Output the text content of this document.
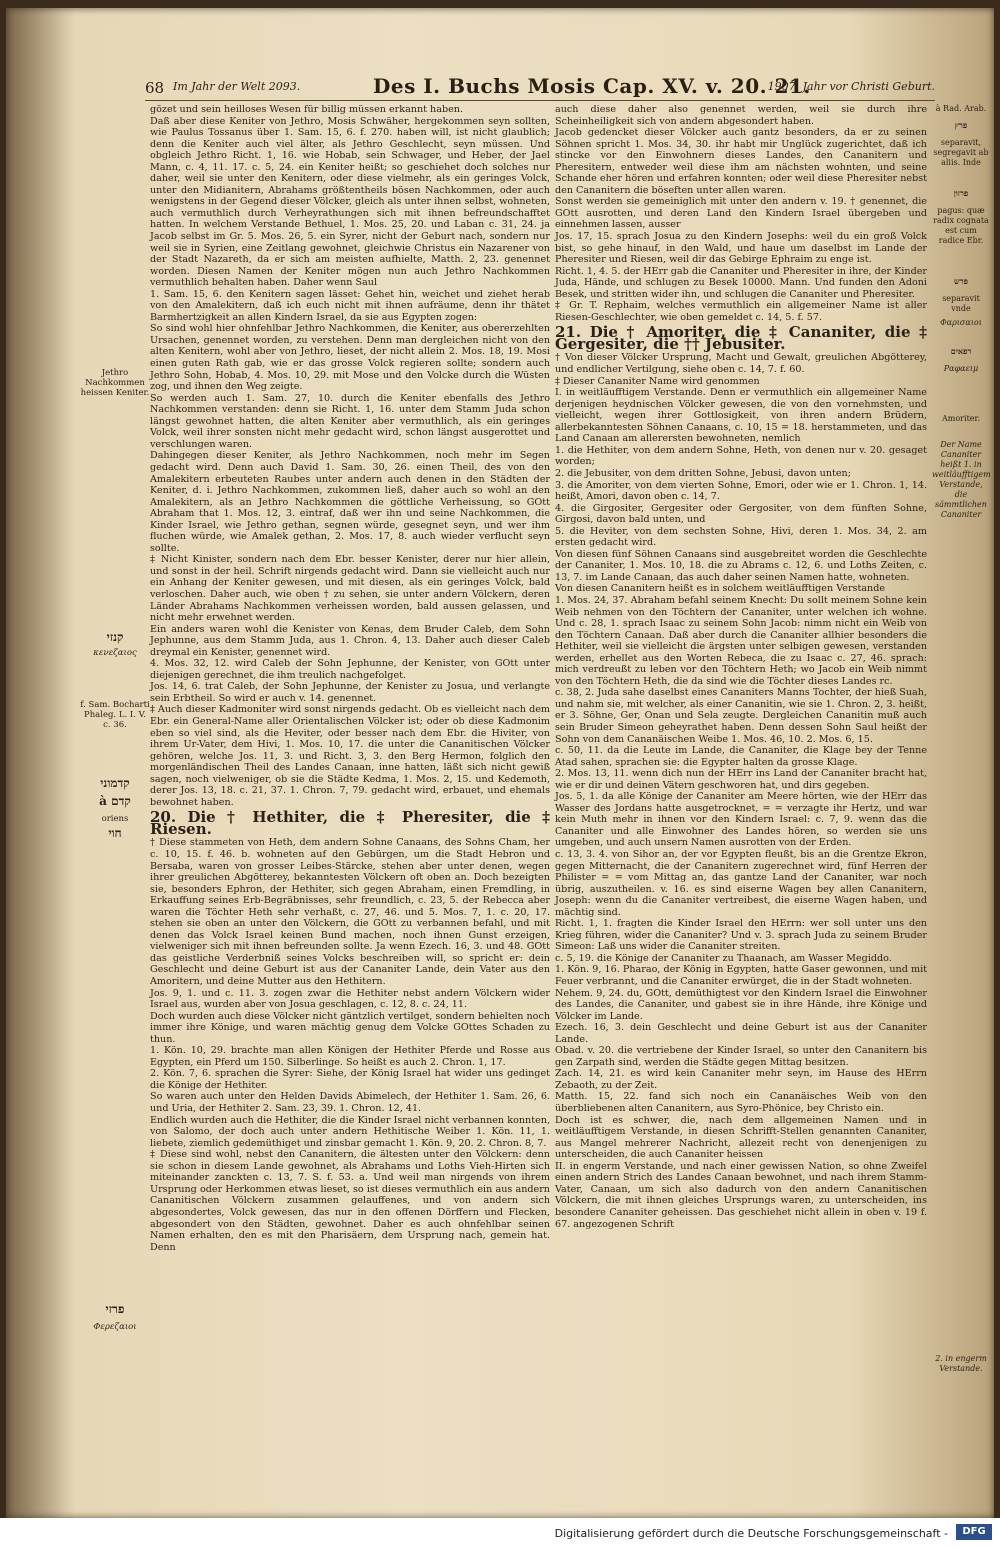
68 Im Jahr der Welt 2093.	Des I. Buchs Mosis Cap. XV. v. 20. 21.
1907. Jahr vor Christi Geburt.
Jethro Nachkommen heissen Keniter.
קנזי
κενεζαιος
f. Sam. Bocharti Phaleg. L. I. V. c. 36.
קדמוני
à קדם
oriens
חוי
פרזי
Φερεζαιοι
à Rad. Arab.
פרץ
separavit, segregavit ab aliis. Inde
פרזון
pagus: quæ radix cognata est cum radice Ebr.
פרש
separavit vnde
Φαρισαιοι
רפאים
Ραφαειμ
Amoriter.
Der Name Cananiter heißt 1. in weitläufftigem Verstande, die sämmtlichen Cananiter
2. in engerm Verstande.

gözet und sein heilloses Wesen für billig müssen erkannt haben.

Daß aber diese Keniter von Jethro, Mosis Schwäher, hergekommen seyn sollten, wie Paulus Tossanus über 1. Sam. 15, 6. f. 270. haben will, ist nicht glaublich; denn die Keniter auch viel älter, als Jethro Geschlecht, seyn müssen. Und obgleich Jethro Richt. 1, 16. wie Hobab, sein Schwager, und Heber, der Jael Mann, c. 4, 11. 17. c. 5, 24. ein Keniter heißt; so geschiehet doch solches nur daher, weil sie unter den Kenitern, oder diese vielmehr, als ein geringes Volck, unter den Midianitern, Abrahams größtentheils bösen Nachkommen, oder auch wenigstens in der Gegend dieser Völcker, gleich als unter ihnen selbst, wohneten, auch vermuthlich durch Verheyrathungen sich mit ihnen befreundschafftet hatten. In welchem Verstande Bethuel, 1. Mos. 25, 20. und Laban c. 31, 24. ja Jacob selbst im Gr. 5. Mos. 26, 5. ein Syrer, nicht der Geburt nach, sondern nur weil sie in Syrien, eine Zeitlang gewohnet, gleichwie Christus ein Nazarener von der Stadt Nazareth, da er sich am meisten aufhielte, Matth. 2, 23. genennet worden. Diesen Namen der Keniter mögen nun auch Jethro Nachkommen vermuthlich behalten haben. Daher wenn Saul

1. Sam. 15, 6. den Kenitern sagen lässet: Gehet hin, weichet und ziehet herab von den Amalekitern, daß ich euch nicht mit ihnen aufräume, denn ihr thätet Barmhertzigkeit an allen Kindern Israel, da sie aus Egypten zogen:

So sind wohl hier ohnfehlbar Jethro Nachkommen, die Keniter, aus obererzehlten Ursachen, genennet worden, zu verstehen. Denn man dergleichen nicht von den alten Kenitern, wohl aber von Jethro, lieset, der nicht allein 2. Mos. 18, 19. Mosi einen guten Rath gab, wie er das grosse Volck regieren sollte; sondern auch Jethro Sohn, Hobab, 4. Mos. 10, 29. mit Mose und den Volcke durch die Wüsten zog, und ihnen den Weg zeigte.

So werden auch 1. Sam. 27, 10. durch die Keniter ebenfalls des Jethro Nachkommen verstanden: denn sie Richt. 1, 16. unter dem Stamm Juda schon längst gewohnet hatten, die alten Keniter aber vermuthlich, als ein geringes Volck, weil ihrer sonsten nicht mehr gedacht wird, schon längst ausgerottet und verschlungen waren.

Dahingegen dieser Keniter, als Jethro Nachkommen, noch mehr im Segen gedacht wird. Denn auch David 1. Sam. 30, 26. einen Theil, des von den Amalekitern erbeuteten Raubes unter andern auch denen in den Städten der Keniter, d. i. Jethro Nachkommen, zukommen ließ, daher auch so wohl an den Amalekitern, als an Jethro Nachkommen die göttliche Verheissung, so GOtt Abraham that 1. Mos. 12, 3. eintraf, daß wer ihn und seine Nachkommen, die Kinder Israel, wie Jethro gethan, segnen würde, gesegnet seyn, und wer ihm fluchen würde, wie Amalek gethan, 2. Mos. 17, 8. auch wieder verflucht seyn sollte.

‡ Nicht Kinister, sondern nach dem Ebr. besser Kenister, derer nur hier allein, und sonst in der heil. Schrift nirgends gedacht wird. Dann sie vielleicht auch nur ein Anhang der Keniter gewesen, und mit diesen, als ein geringes Volck, bald verloschen. Daher auch, wie oben † zu sehen, sie unter andern Völckern, deren Länder Abrahams Nachkommen verheissen worden, bald aussen gelassen, und nicht mehr erwehnet werden.

Ein anders waren wohl die Kenister von Kenas, dem Bruder Caleb, dem Sohn Jephunne, aus dem Stamm Juda, aus 1. Chron. 4, 13. Daher auch dieser Caleb dreymal ein Kenister, genennet wird.

4. Mos. 32, 12. wird Caleb der Sohn Jephunne, der Kenister, von GOtt unter diejenigen gerechnet, die ihm treulich nachgefolget.

Jos. 14, 6. trat Caleb, der Sohn Jephunne, der Kenister zu Josua, und verlangte sein Erbtheil. So wird er auch v. 14. genennet.

‡ Auch dieser Kadmoniter wird sonst nirgends gedacht. Ob es vielleicht nach dem Ebr. ein General-Name aller Orientalischen Völcker ist; oder ob diese Kadmonim eben so viel sind, als die Heviter, oder besser nach dem Ebr. die Hiviter, von ihrem Ur-Vater, dem Hivi, 1. Mos. 10, 17. die unter die Cananitischen Völcker gehören, welche Jos. 11, 3. und Richt. 3, 3. den Berg Hermon, folglich den morgenländischen Theil des Landes Canaan, inne hatten, läßt sich nicht gewiß sagen, noch vielweniger, ob sie die Städte Kedma, 1. Mos. 2, 15. und Kedemoth, derer Jos. 13, 18. c. 21, 37. 1. Chron. 7, 79. gedacht wird, erbauet, und ehemals bewohnet haben.

20. Die † Hethiter, die ‡ Pheresiter, die ‡ Riesen.

† Diese stammeten von Heth, dem andern Sohne Canaans, des Sohns Cham, her c. 10, 15. f. 46. b. wohneten auf den Gebürgen, um die Stadt Hebron und Bersaba, waren von grosser Leibes-Stärcke, stehen aber unter denen, wegen ihrer greulichen Abgötterey, bekanntesten Völckern oft oben an. Doch bezeigten sie, besonders Ephron, der Hethiter, sich gegen Abraham, einen Fremdling, in Erkauffung seines Erb-Begräbnisses, sehr freundlich, c. 23, 5. der Rebecca aber waren die Töchter Heth sehr verhaßt, c. 27, 46. und 5. Mos. 7, 1. c. 20, 17. stehen sie oben an unter den Völckern, die GOtt zu verbannen befahl, und mit denen das Volck Israel keinen Bund machen, noch ihnen Gunst erzeigen, vielweniger sich mit ihnen befreunden sollte. Ja wenn Ezech. 16, 3. und 48. GOtt das geistliche Verderbniß seines Volcks beschreiben will, so spricht er: dein Geschlecht und deine Geburt ist aus der Cananiter Lande, dein Vater aus den Amoritern, und deine Mutter aus den Hethitern.

Jos. 9, 1. und c. 11. 3. zogen zwar die Hethiter nebst andern Völckern wider Israel aus, wurden aber von Josua geschlagen, c. 12, 8. c. 24, 11.

Doch wurden auch diese Völcker nicht gäntzlich vertilget, sondern behielten noch immer ihre Könige, und waren mächtig genug dem Volcke GOttes Schaden zu thun.

1. Kön. 10, 29. brachte man allen Königen der Hethiter Pferde und Rosse aus Egypten, ein Pferd um 150. Silberlinge. So heißt es auch 2. Chron. 1, 17.

2. Kön. 7, 6. sprachen die Syrer: Siehe, der König Israel hat wider uns gedinget die Könige der Hethiter.

So waren auch unter den Helden Davids Abimelech, der Hethiter 1. Sam. 26, 6. und Uria, der Hethiter 2. Sam. 23, 39. 1. Chron. 12, 41.

Endlich wurden auch die Hethiter, die die Kinder Israel nicht verbannen konnten, von Salomo, der doch auch unter andern Hethitische Weiber 1. Kön. 11, 1. liebete, ziemlich gedemüthiget und zinsbar gemacht 1. Kön. 9, 20. 2. Chron. 8, 7.

‡ Diese sind wohl, nebst den Cananitern, die ältesten unter den Völckern: denn sie schon in diesem Lande gewohnet, als Abrahams und Loths Vieh-Hirten sich miteinander zanckten c. 13, 7. S. f. 53. a. Und weil man nirgends von ihrem Ursprung oder Herkommen etwas lieset, so ist dieses vermuthlich ein aus andern Cananitischen Völckern zusammen gelauffenes, und von andern sich abgesondertes, Volck gewesen, das nur in den offenen Dörffern und Flecken, abgesondert von den Städten, gewohnet. Daher es auch ohnfehlbar seinen Namen erhalten, den es mit den Pharisäern, dem Ursprung nach, gemein hat. Denn

auch diese daher also genennet werden, weil sie durch ihre Scheinheiligkeit sich von andern abgesondert haben.

Jacob gedencket dieser Völcker auch gantz besonders, da er zu seinen Söhnen spricht 1. Mos. 34, 30. ihr habt mir Unglück zugerichtet, daß ich stincke vor den Einwohnern dieses Landes, den Cananitern und Pheresitern, entweder weil diese ihm am nächsten wohnten, und seine Schande eher hören und erfahren konnten; oder weil diese Pheresiter nebst den Cananitern die böseften unter allen waren.

Sonst werden sie gemeiniglich mit unter den andern v. 19. † genennet, die GOtt ausrotten, und deren Land den Kindern Israel übergeben und einnehmen lassen, ausser

Jos. 17, 15. sprach Josua zu den Kindern Josephs: weil du ein groß Volck bist, so gehe hinauf, in den Wald, und haue um daselbst im Lande der Pheresiter und Riesen, weil dir das Gebirge Ephraim zu enge ist.

Richt. 1, 4. 5. der HErr gab die Cananiter und Pheresiter in ihre, der Kinder Juda, Hände, und schlugen zu Besek 10000. Mann. Und funden den Adoni Besek, und stritten wider ihn, und schlugen die Cananiter und Pheresiter.

‡ Gr. T. Rephaim, welches vermuthlich ein allgemeiner Name ist aller Riesen-Geschlechter, wie oben gemeldet c. 14, 5. f. 57.

21. Die † Amoriter, die ‡ Cananiter, die ‡ Gergesiter, die †† Jebusiter.

† Von dieser Völcker Ursprung, Macht und Gewalt, greulichen Abgötterey, und endlicher Vertilgung, siehe oben c. 14, 7. f. 60.

‡ Dieser Cananiter Name wird genommen

I. in weitläufftigem Verstande. Denn er vermuthlich ein allgemeiner Name derjenigen heydnischen Völcker gewesen, die von den vornehmsten, und vielleicht, wegen ihrer Gottlosigkeit, von ihren andern Brüdern, allerbekanntesten Söhnen Canaans, c. 10, 15 = 18. herstammeten, und das Land Canaan am allerersten bewohneten, nemlich

1. die Hethiter, von dem andern Sohne, Heth, von denen nur v. 20. gesaget worden;

2. die Jebusiter, von dem dritten Sohne, Jebusi, davon unten;

3. die Amoriter, von dem vierten Sohne, Emori, oder wie er 1. Chron. 1, 14. heißt, Amori, davon oben c. 14, 7.

4. die Girgositer, Gergesiter oder Gergositer, von dem fünften Sohne, Girgosi, davon bald unten, und

5. die Heviter, von dem sechsten Sohne, Hivi, deren 1. Mos. 34, 2. am ersten gedacht wird.

Von diesen fünf Söhnen Canaans sind ausgebreitet worden die Geschlechte der Cananiter, 1. Mos. 10, 18. die zu Abrams c. 12, 6. und Loths Zeiten, c. 13, 7. im Lande Canaan, das auch daher seinen Namen hatte, wohneten.

Von diesen Cananitern heißt es in solchem weitläufftigen Verstande

1. Mos. 24, 37. Abraham befahl seinem Knecht: Du sollt meinem Sohne kein Weib nehmen von den Töchtern der Cananiter, unter welchen ich wohne. Und c. 28, 1. sprach Isaac zu seinem Sohn Jacob: nimm nicht ein Weib von den Töchtern Canaan. Daß aber durch die Cananiter allhier besonders die Hethiter, weil sie vielleicht die ärgsten unter selbigen gewesen, verstanden werden, erhellet aus den Worten Rebeca, die zu Isaac c. 27, 46. sprach: mich verdreußt zu leben vor den Töchtern Heth; wo Jacob ein Weib nimmt von den Töchtern Heth, die da sind wie die Töchter dieses Landes rc.

c. 38, 2. Juda sahe daselbst eines Cananiters Manns Tochter, der hieß Suah, und nahm sie, mit welcher, als einer Cananitin, wie sie 1. Chron. 2, 3. heißt, er 3. Söhne, Ger, Onan und Sela zeugte. Dergleichen Cananitin muß auch sein Bruder Simeon geheyrathet haben. Denn dessen Sohn Saul heißt der Sohn von dem Cananäischen Weibe 1. Mos. 46, 10. 2. Mos. 6, 15.

c. 50, 11. da die Leute im Lande, die Cananiter, die Klage bey der Tenne Atad sahen, sprachen sie: die Egypter halten da grosse Klage.

2. Mos. 13, 11. wenn dich nun der HErr ins Land der Cananiter bracht hat, wie er dir und deinen Vätern geschworen hat, und dirs gegeben.

Jos. 5, 1. da alle Könige der Cananiter am Meere hörten, wie der HErr das Wasser des Jordans hatte ausgetrocknet, = = verzagte ihr Hertz, und war kein Muth mehr in ihnen vor den Kindern Israel: c. 7, 9. wenn das die Cananiter und alle Einwohner des Landes hören, so werden sie uns umgeben, und auch unsern Namen ausrotten von der Erden.

c. 13, 3. 4. von Sihor an, der vor Egypten fleußt, bis an die Grentze Ekron, gegen Mitternacht, die der Cananitern zugerechnet wird, fünf Herren der Philister = = vom Mittag an, das gantze Land der Cananiter, war noch übrig, auszutheilen. v. 16. es sind eiserne Wagen bey allen Cananitern, Joseph: wenn du die Cananiter vertreibest, die eiserne Wagen haben, und mächtig sind.

Richt. 1, 1. fragten die Kinder Israel den HErrn: wer soll unter uns den Krieg führen, wider die Cananiter? Und v. 3. sprach Juda zu seinem Bruder Simeon: Laß uns wider die Cananiter streiten.

c. 5, 19. die Könige der Cananiter zu Thaanach, am Wasser Megiddo.

1. Kön. 9, 16. Pharao, der König in Egypten, hatte Gaser gewonnen, und mit Feuer verbrannt, und die Cananiter erwürget, die in der Stadt wohneten.

Nehem. 9, 24. du, GOtt, demüthigtest vor den Kindern Israel die Einwohner des Landes, die Cananiter, und gabest sie in ihre Hände, ihre Könige und Völcker im Lande.

Ezech. 16, 3. dein Geschlecht und deine Geburt ist aus der Cananiter Lande.

Obad. v. 20. die vertriebene der Kinder Israel, so unter den Cananitern bis gen Zarpath sind, werden die Städte gegen Mittag besitzen.

Zach. 14, 21. es wird kein Cananiter mehr seyn, im Hause des HErrn Zebaoth, zu der Zeit.

Matth. 15, 22. fand sich noch ein Cananäisches Weib von den überbliebenen alten Cananitern, aus Syro-Phönice, bey Christo ein.

Doch ist es schwer, die, nach dem allgemeinen Namen und in weitläufftigem Verstande, in diesen Schrifft-Stellen genannten Cananiter, aus Mangel mehrerer Nachricht, allezeit recht von denenjenigen zu unterscheiden, die auch Cananiter heissen

II. in engerm Verstande, und nach einer gewissen Nation, so ohne Zweifel einen andern Strich des Landes Canaan bewohnet, und nach ihrem Stamm-Vater, Canaan, um sich also dadurch von den andern Cananitischen Völckern, die mit ihnen gleiches Ursprungs waren, zu unterscheiden, ins besondere Cananiter geheissen. Das geschiehet nicht allein in oben v. 19 f. 67. angezogenen Schrift

Digitalisierung gefördert durch die Deutsche Forschungsgemeinschaft -	DFG
